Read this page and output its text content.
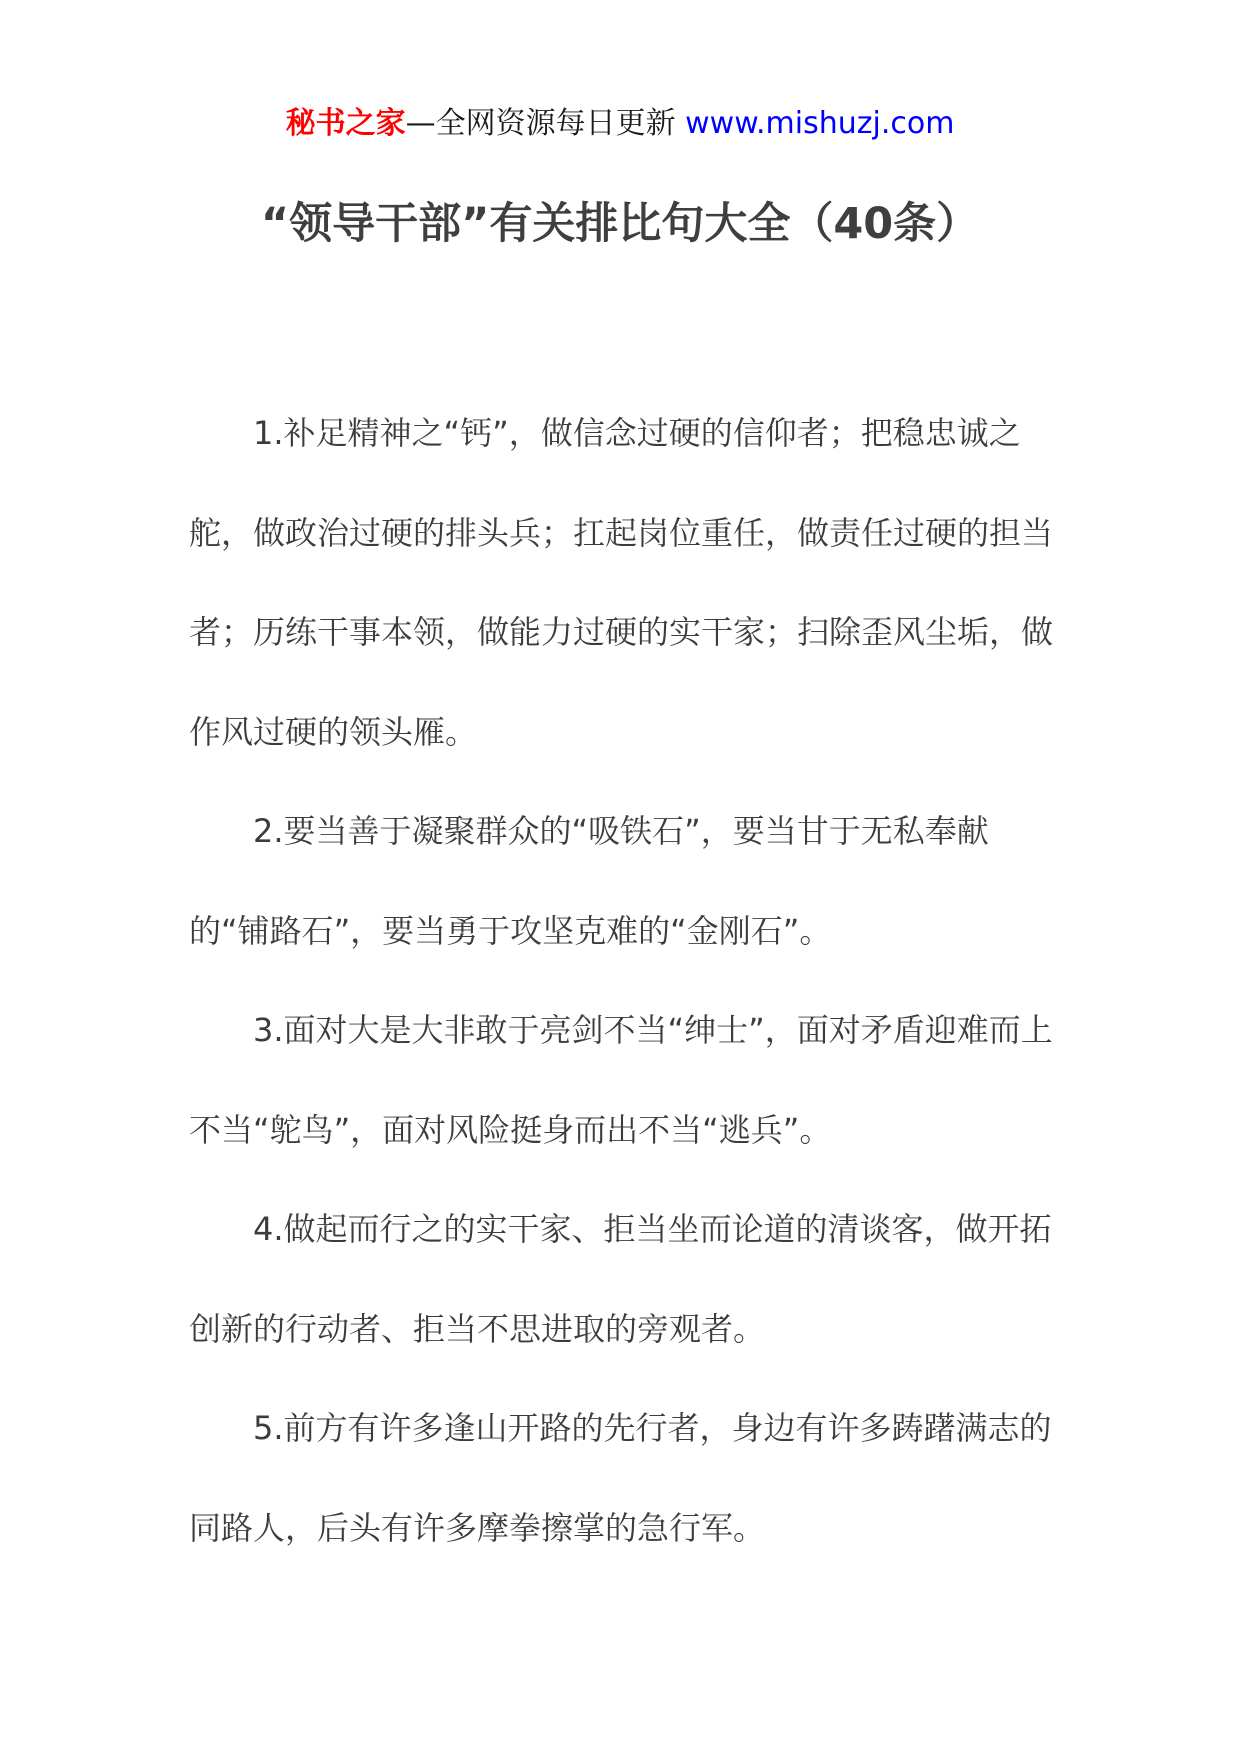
秘书之家—全网资源每日更新 www.mishuzj.com
“领导干部”有关排比句大全（40条）

1.补足精神之“钙”，做信念过硬的信仰者；把稳忠诚之舵，做政治过硬的排头兵；扛起岗位重任，做责任过硬的担当者；历练干事本领，做能力过硬的实干家；扫除歪风尘垢，做作风过硬的领头雁。

2.要当善于凝聚群众的“吸铁石”，要当甘于无私奉献的“铺路石”，要当勇于攻坚克难的“金刚石”。

3.面对大是大非敢于亮剑不当“绅士”，面对矛盾迎难而上不当“鸵鸟”，面对风险挺身而出不当“逃兵”。

4.做起而行之的实干家、拒当坐而论道的清谈客，做开拓创新的行动者、拒当不思进取的旁观者。

5.前方有许多逢山开路的先行者，身边有许多踌躇满志的同路人，后头有许多摩拳擦掌的急行军。
